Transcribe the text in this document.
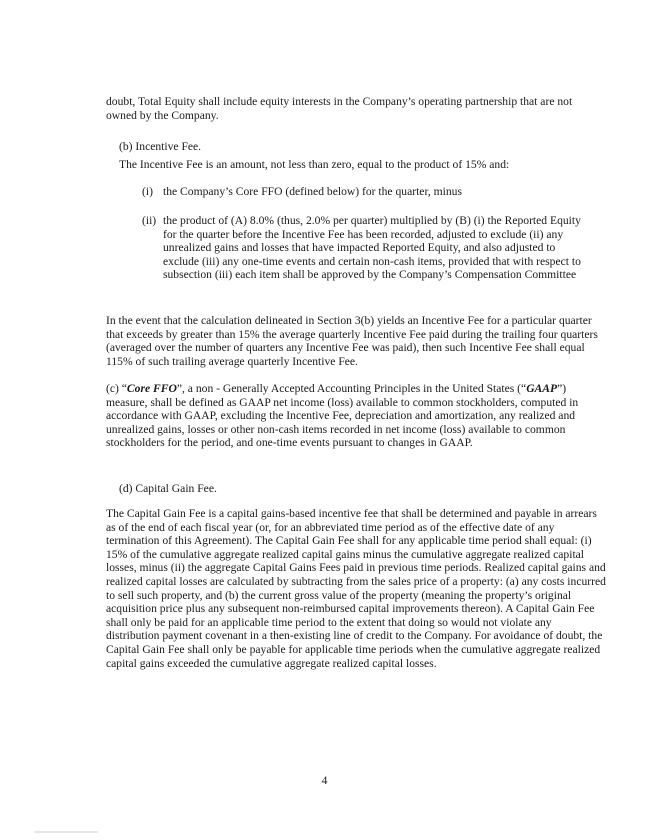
doubt, Total Equity shall include equity interests in the Company’s operating partnership that are not owned by the Company.

(b) Incentive Fee.

The Incentive Fee is an amount, not less than zero, equal to the product of 15% and:

(i) the Company’s Core FFO (defined below) for the quarter, minus

(ii) the product of (A) 8.0% (thus, 2.0% per quarter) multiplied by (B) (i) the Reported Equity for the quarter before the Incentive Fee has been recorded, adjusted to exclude (ii) any unrealized gains and losses that have impacted Reported Equity, and also adjusted to exclude (iii) any one-time events and certain non-cash items, provided that with respect to subsection (iii) each item shall be approved by the Company’s Compensation Committee

In the event that the calculation delineated in Section 3(b) yields an Incentive Fee for a particular quarter that exceeds by greater than 15% the average quarterly Incentive Fee paid during the trailing four quarters (averaged over the number of quarters any Incentive Fee was paid), then such Incentive Fee shall equal 115% of such trailing average quarterly Incentive Fee.

(c) “Core FFO”, a non - Generally Accepted Accounting Principles in the United States (“GAAP”) measure, shall be defined as GAAP net income (loss) available to common stockholders, computed in accordance with GAAP, excluding the Incentive Fee, depreciation and amortization, any realized and unrealized gains, losses or other non-cash items recorded in net income (loss) available to common stockholders for the period, and one-time events pursuant to changes in GAAP.

(d) Capital Gain Fee.

The Capital Gain Fee is a capital gains-based incentive fee that shall be determined and payable in arrears as of the end of each fiscal year (or, for an abbreviated time period as of the effective date of any termination of this Agreement). The Capital Gain Fee shall for any applicable time period shall equal: (i) 15% of the cumulative aggregate realized capital gains minus the cumulative aggregate realized capital losses, minus (ii) the aggregate Capital Gains Fees paid in previous time periods. Realized capital gains and realized capital losses are calculated by subtracting from the sales price of a property: (a) any costs incurred to sell such property, and (b) the current gross value of the property (meaning the property’s original acquisition price plus any subsequent non-reimbursed capital improvements thereon). A Capital Gain Fee shall only be paid for an applicable time period to the extent that doing so would not violate any distribution payment covenant in a then-existing line of credit to the Company. For avoidance of doubt, the Capital Gain Fee shall only be payable for applicable time periods when the cumulative aggregate realized capital gains exceeded the cumulative aggregate realized capital losses.

4
